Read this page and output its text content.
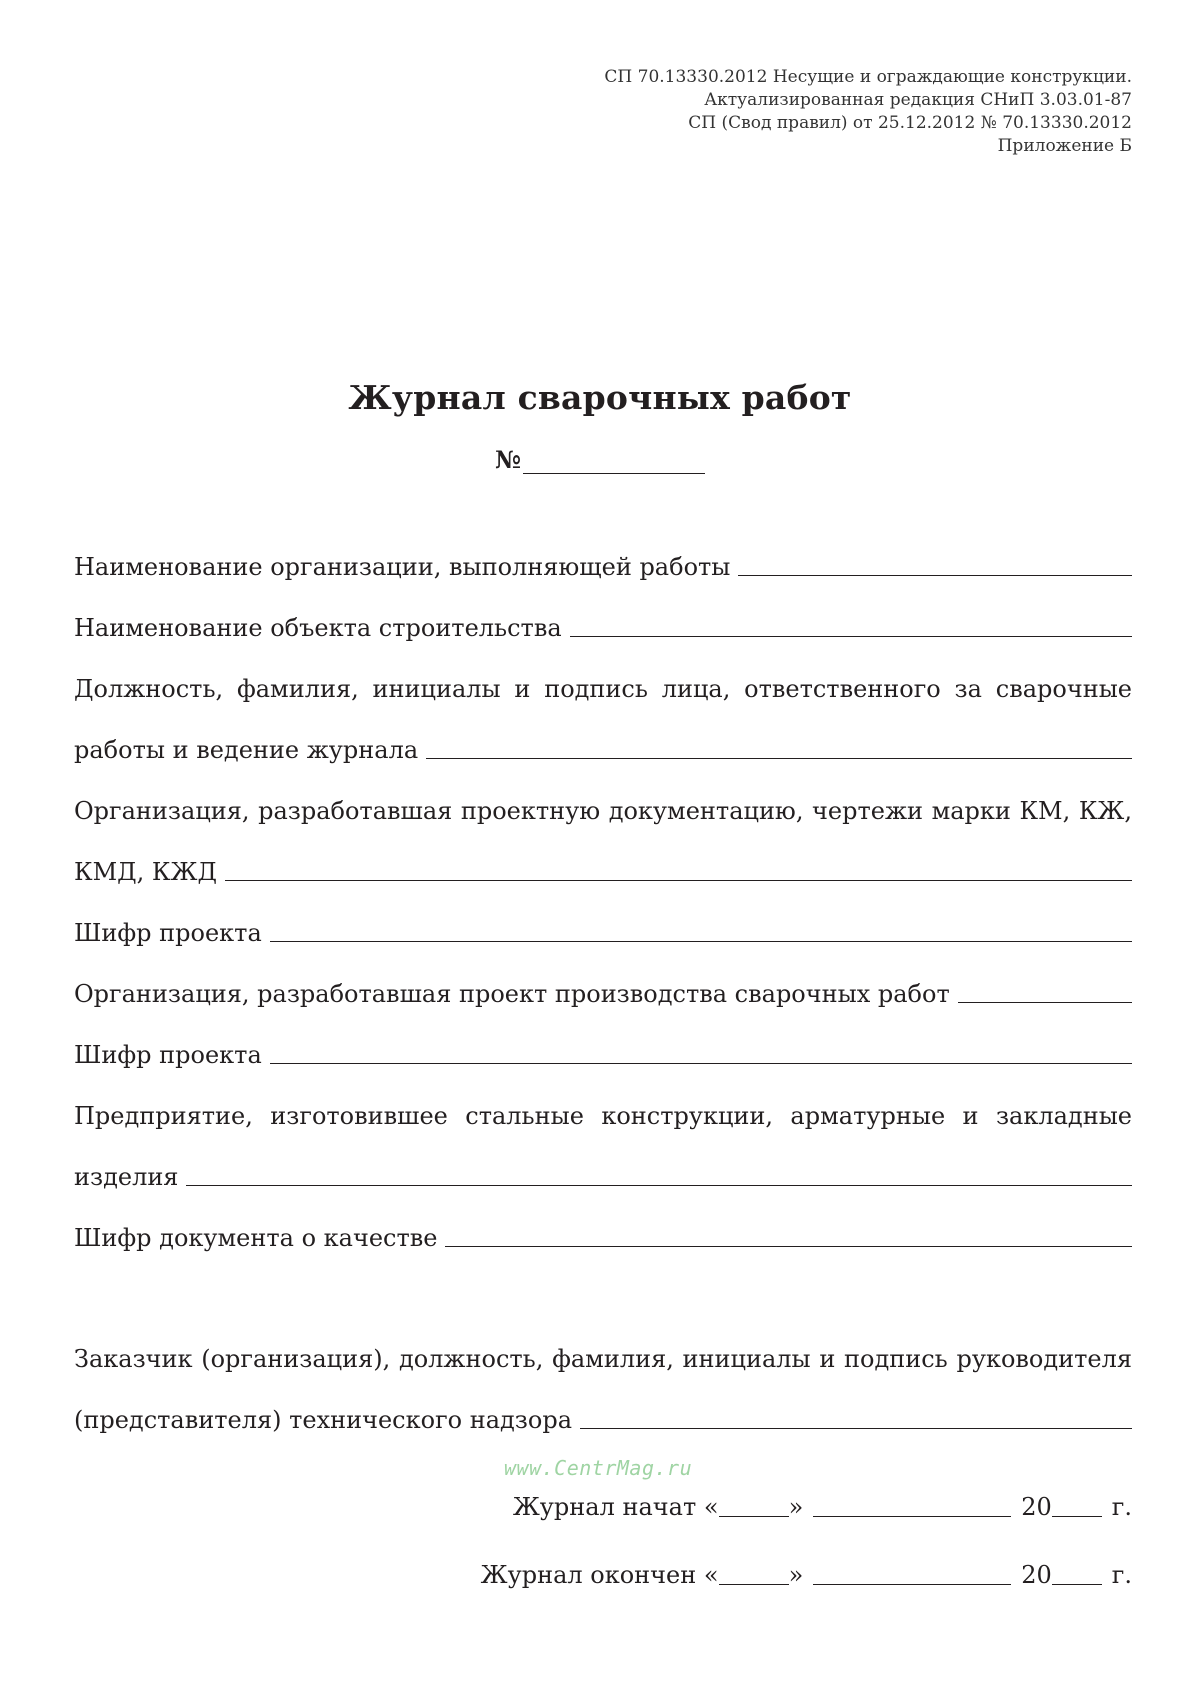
СП 70.13330.2012 Несущие и ограждающие конструкции.
Актуализированная редакция СНиП 3.03.01-87
СП (Свод правил) от 25.12.2012 № 70.13330.2012
Приложение Б
Журнал сварочных работ
№
Наименование организации, выполняющей работы
Наименование объекта строительства
Должность, фамилия, инициалы и подпись лица, ответственного за сварочные
работы и ведение журнала
Организация, разработавшая проектную документацию, чертежи марки КМ, КЖ,
КМД, КЖД
Шифр проекта
Организация, разработавшая проект производства сварочных работ
Шифр проекта
Предприятие, изготовившее стальные конструкции, арматурные и закладные
изделия
Шифр документа о качестве
Заказчик (организация), должность, фамилия, инициалы и подпись руководителя
(представителя) технического надзора
www.CentrMag.ru
Журнал начат
«	»	20	г.
Журнал окончен
«	»	20	г.
